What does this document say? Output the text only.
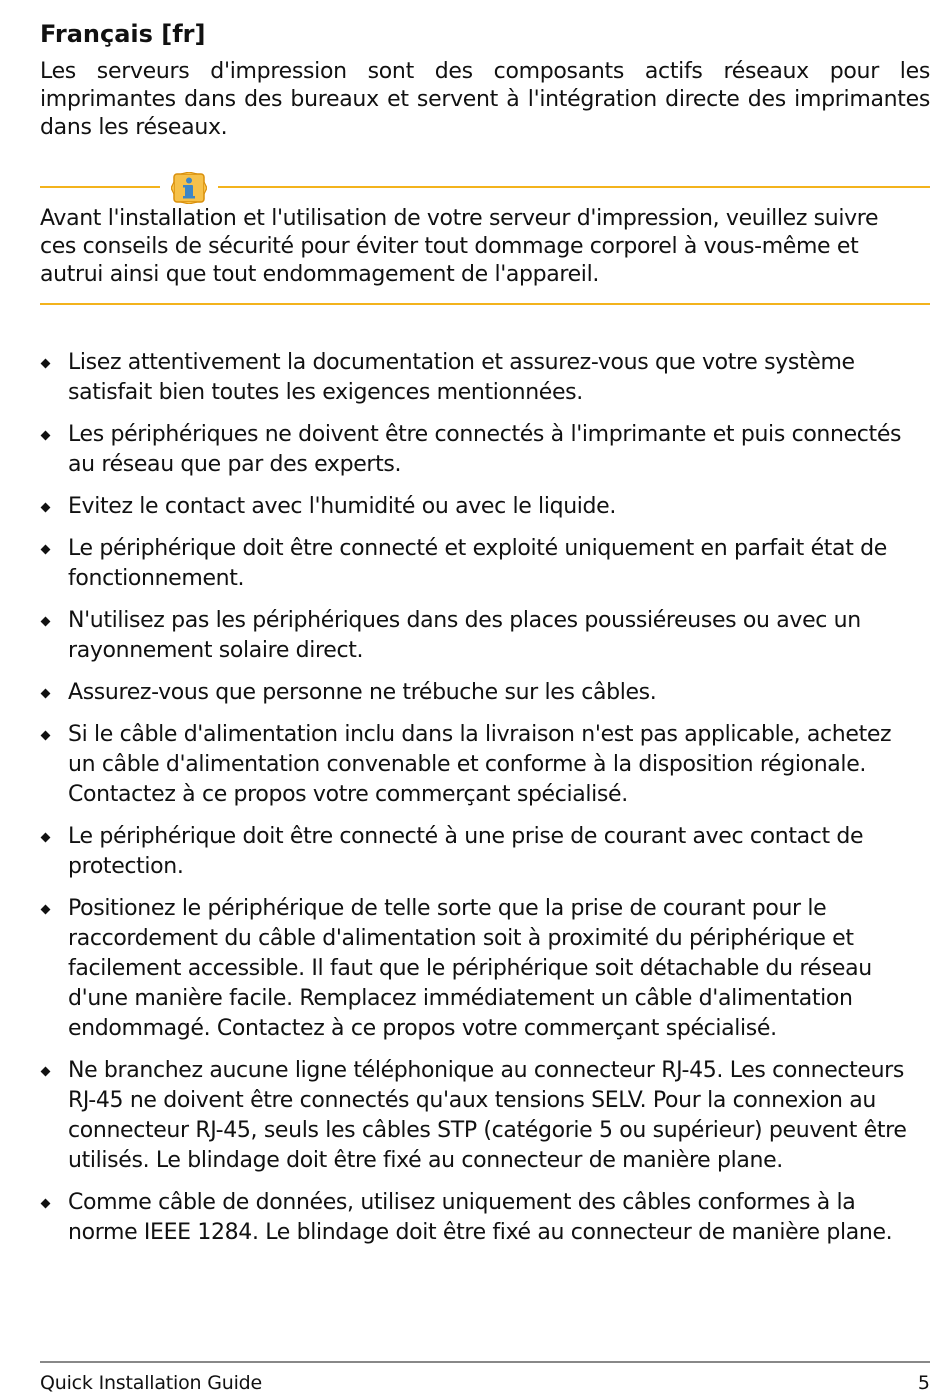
Français [fr]

Les serveurs d'impression sont des composants actifs réseaux pour les imprimantes dans des bureaux et servent à l'intégration directe des imprimantes dans les réseaux.

Avant l'installation et l'utilisation de votre serveur d'impression, veuillez suivre
ces conseils de sécurité pour éviter tout dommage corporel à vous-même et
autrui ainsi que tout endommagement de l'appareil.

Lisez attentivement la documentation et assurez-vous que votre système
satisfait bien toutes les exigences mentionnées.
Les périphériques ne doivent être connectés à l'imprimante et puis connectés
au réseau que par des experts.
Evitez le contact avec l'humidité ou avec le liquide.
Le périphérique doit être connecté et exploité uniquement en parfait état de
fonctionnement.
N'utilisez pas les périphériques dans des places poussiéreuses ou avec un
rayonnement solaire direct.
Assurez-vous que personne ne trébuche sur les câbles.
Si le câble d'alimentation inclu dans la livraison n'est pas applicable, achetez
un câble d'alimentation convenable et conforme à la disposition régionale.
Contactez à ce propos votre commerçant spécialisé.
Le périphérique doit être connecté à une prise de courant avec contact de
protection.
Positionez le périphérique de telle sorte que la prise de courant pour le
raccordement du câble d'alimentation soit à proximité du périphérique et
facilement accessible. Il faut que le périphérique soit détachable du réseau
d'une manière facile. Remplacez immédiatement un câble d'alimentation
endommagé. Contactez à ce propos votre commerçant spécialisé.
Ne branchez aucune ligne téléphonique au connecteur RJ-45. Les connecteurs
RJ-45 ne doivent être connectés qu'aux tensions SELV. Pour la connexion au
connecteur RJ-45, seuls les câbles STP (catégorie 5 ou supérieur) peuvent être
utilisés. Le blindage doit être fixé au connecteur de manière plane.
Comme câble de données, utilisez uniquement des câbles conformes à la
norme IEEE 1284. Le blindage doit être fixé au connecteur de manière plane.
Quick Installation Guide	5
